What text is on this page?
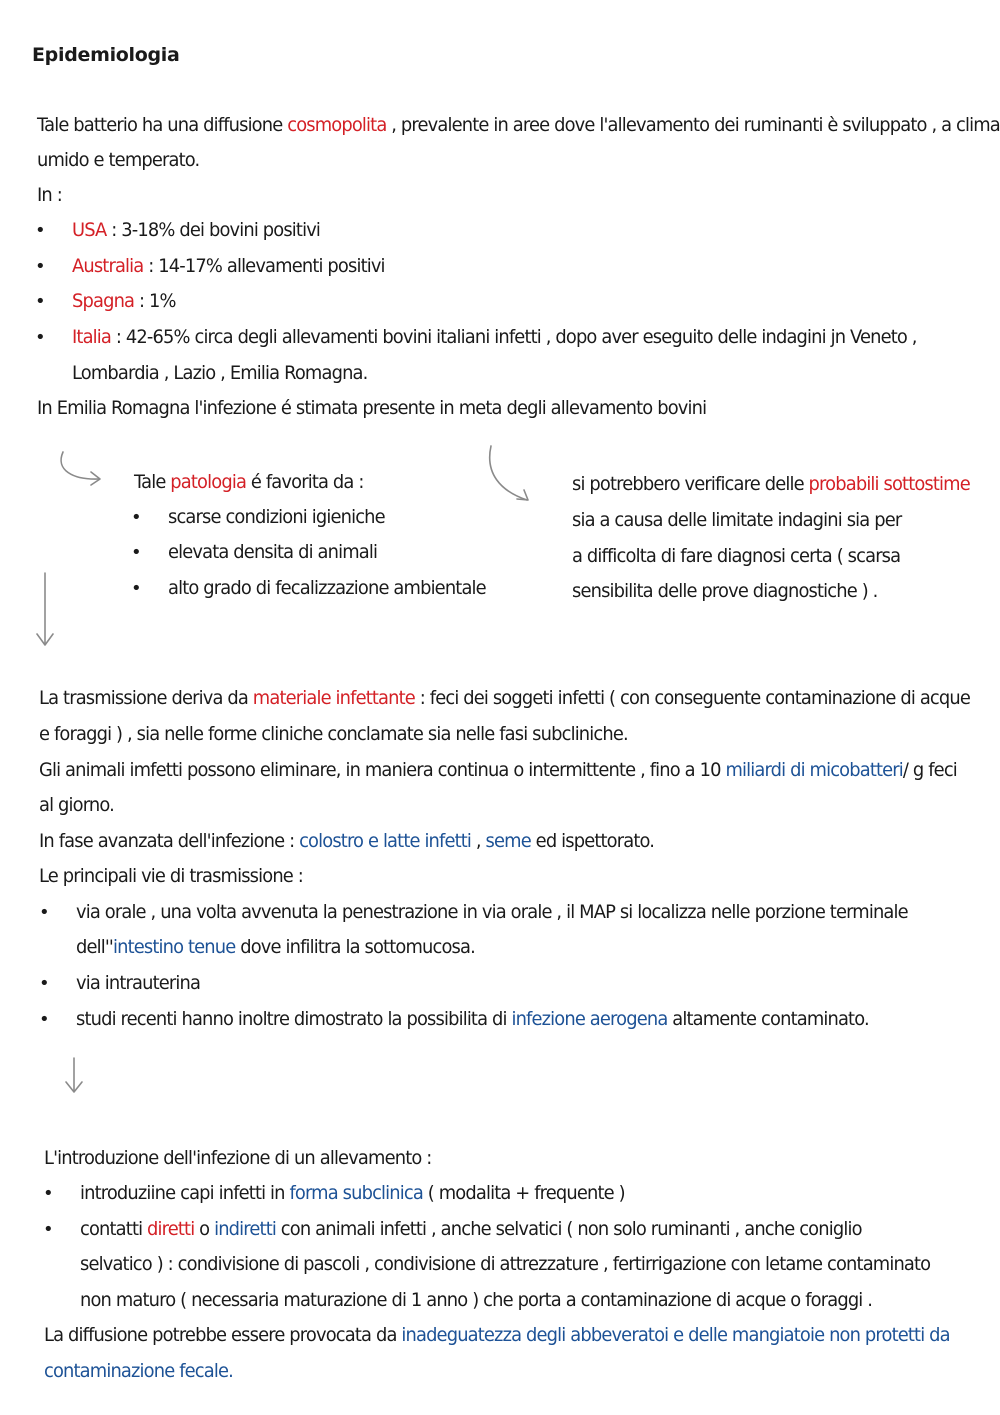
Epidemiologia
Tale batterio ha una diffusione cosmopolita , prevalente in aree dove l'allevamento dei ruminanti è sviluppato , a clima
umido e temperato.
In :
• USA : 3-18% dei bovini positivi
• Australia : 14-17% allevamenti positivi
• Spagna : 1%
• Italia : 42-65% circa degli allevamenti bovini italiani infetti , dopo aver eseguito delle indagini jn Veneto ,
Lombardia , Lazio , Emilia Romagna.
In Emilia Romagna l'infezione é stimata presente in meta degli allevamento bovini
Tale patologia é favorita da :
• scarse condizioni igieniche
• elevata densita di animali
• alto grado di fecalizzazione ambientale
si potrebbero verificare delle probabili sottostime
sia a causa delle limitate indagini sia per
a difficolta di fare diagnosi certa ( scarsa
sensibilita delle prove diagnostiche ) .
La trasmissione deriva da materiale infettante : feci dei soggeti infetti ( con conseguente contaminazione di acque
e foraggi ) , sia nelle forme cliniche conclamate sia nelle fasi subcliniche.
Gli animali imfetti possono eliminare, in maniera continua o intermittente , fino a 10 miliardi di micobatteri/ g feci
al giorno.
In fase avanzata dell'infezione : colostro e latte infetti , seme ed ispettorato.
Le principali vie di trasmissione :
• via orale , una volta avvenuta la penestrazione in via orale , il MAP si localizza nelle porzione terminale
dell''intestino tenue dove infilitra la sottomucosa.
• via intrauterina
• studi recenti hanno inoltre dimostrato la possibilita di infezione aerogena altamente contaminato.
L'introduzione dell'infezione di un allevamento :
• introduziine capi infetti in forma subclinica ( modalita + frequente )
• contatti diretti o indiretti con animali infetti , anche selvatici ( non solo ruminanti , anche coniglio
selvatico ) : condivisione di pascoli , condivisione di attrezzature , fertirrigazione con letame contaminato
non maturo ( necessaria maturazione di 1 anno ) che porta a contaminazione di acque o foraggi .
La diffusione potrebbe essere provocata da inadeguatezza degli abbeveratoi e delle mangiatoie non protetti da
contaminazione fecale.
